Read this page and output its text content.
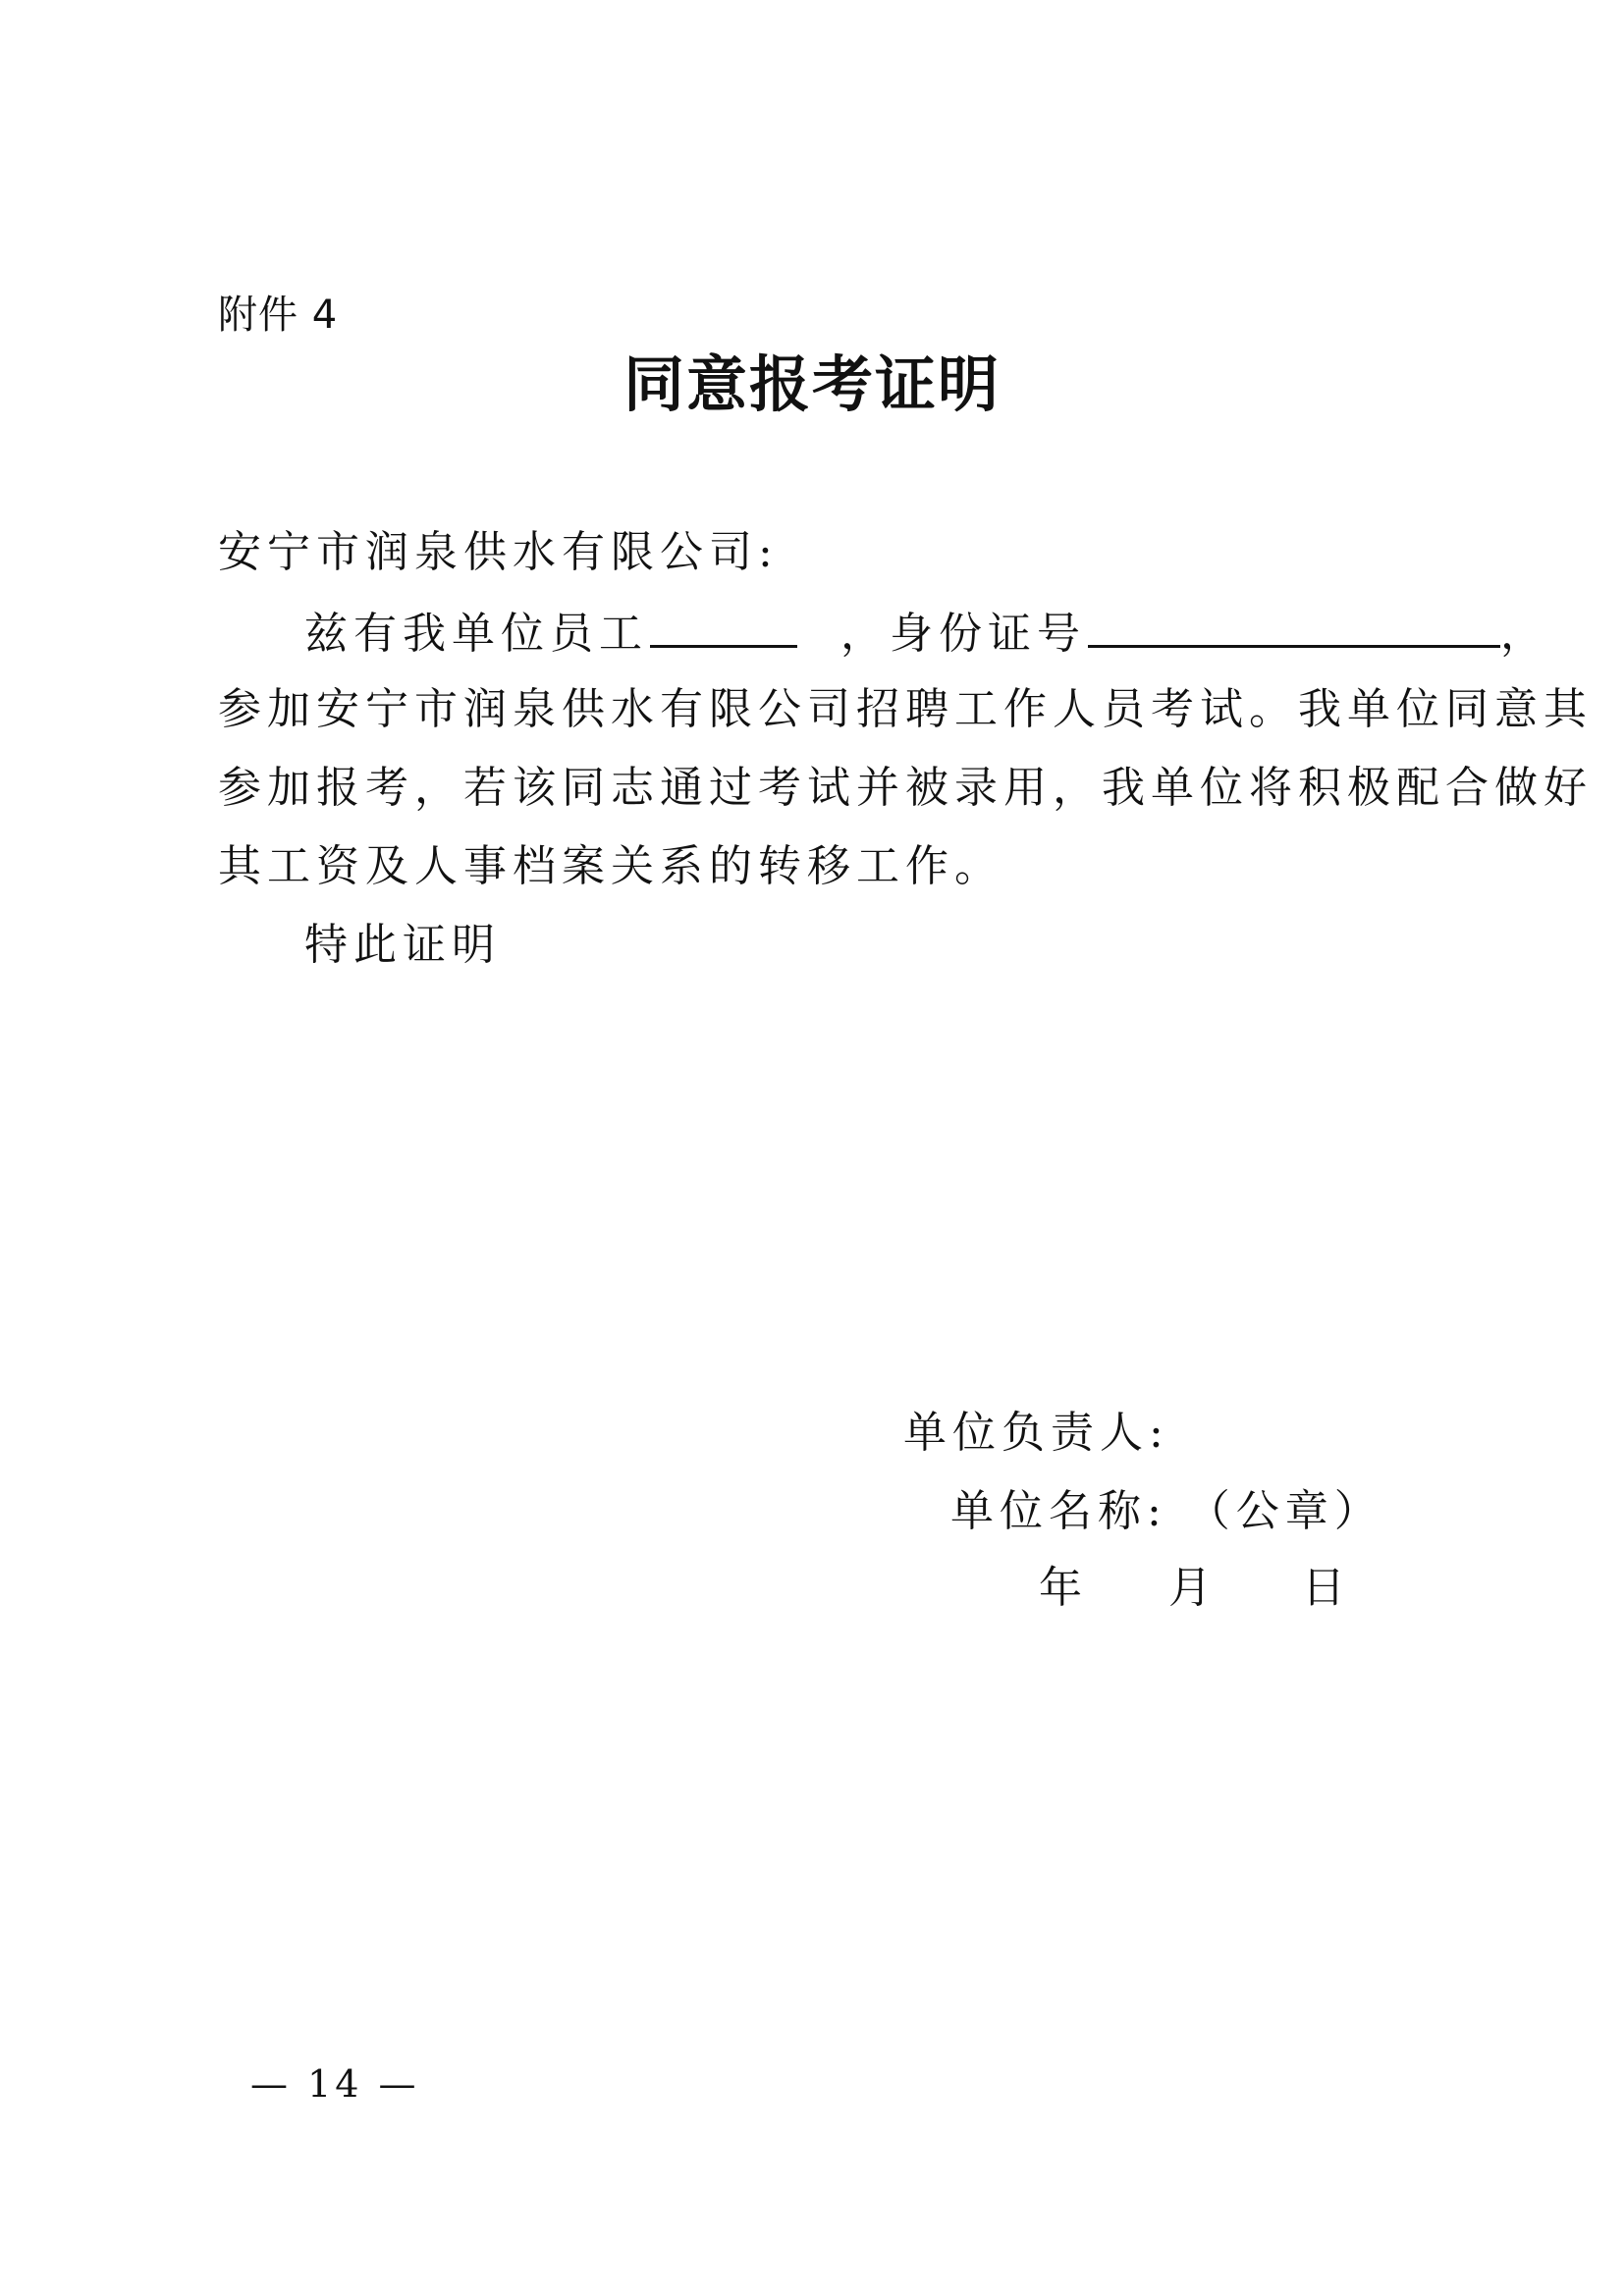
附件 4
同意报考证明
安宁市润泉供水有限公司:
兹有我单位员工	，身份证号	，
参加安宁市润泉供水有限公司招聘工作人员考试。我单位同意其
参加报考，若该同志通过考试并被录用，我单位将积极配合做好
其工资及人事档案关系的转移工作。
特此证明
单位负责人:
单位名称: （公章）
年 月 日
— 14 —
